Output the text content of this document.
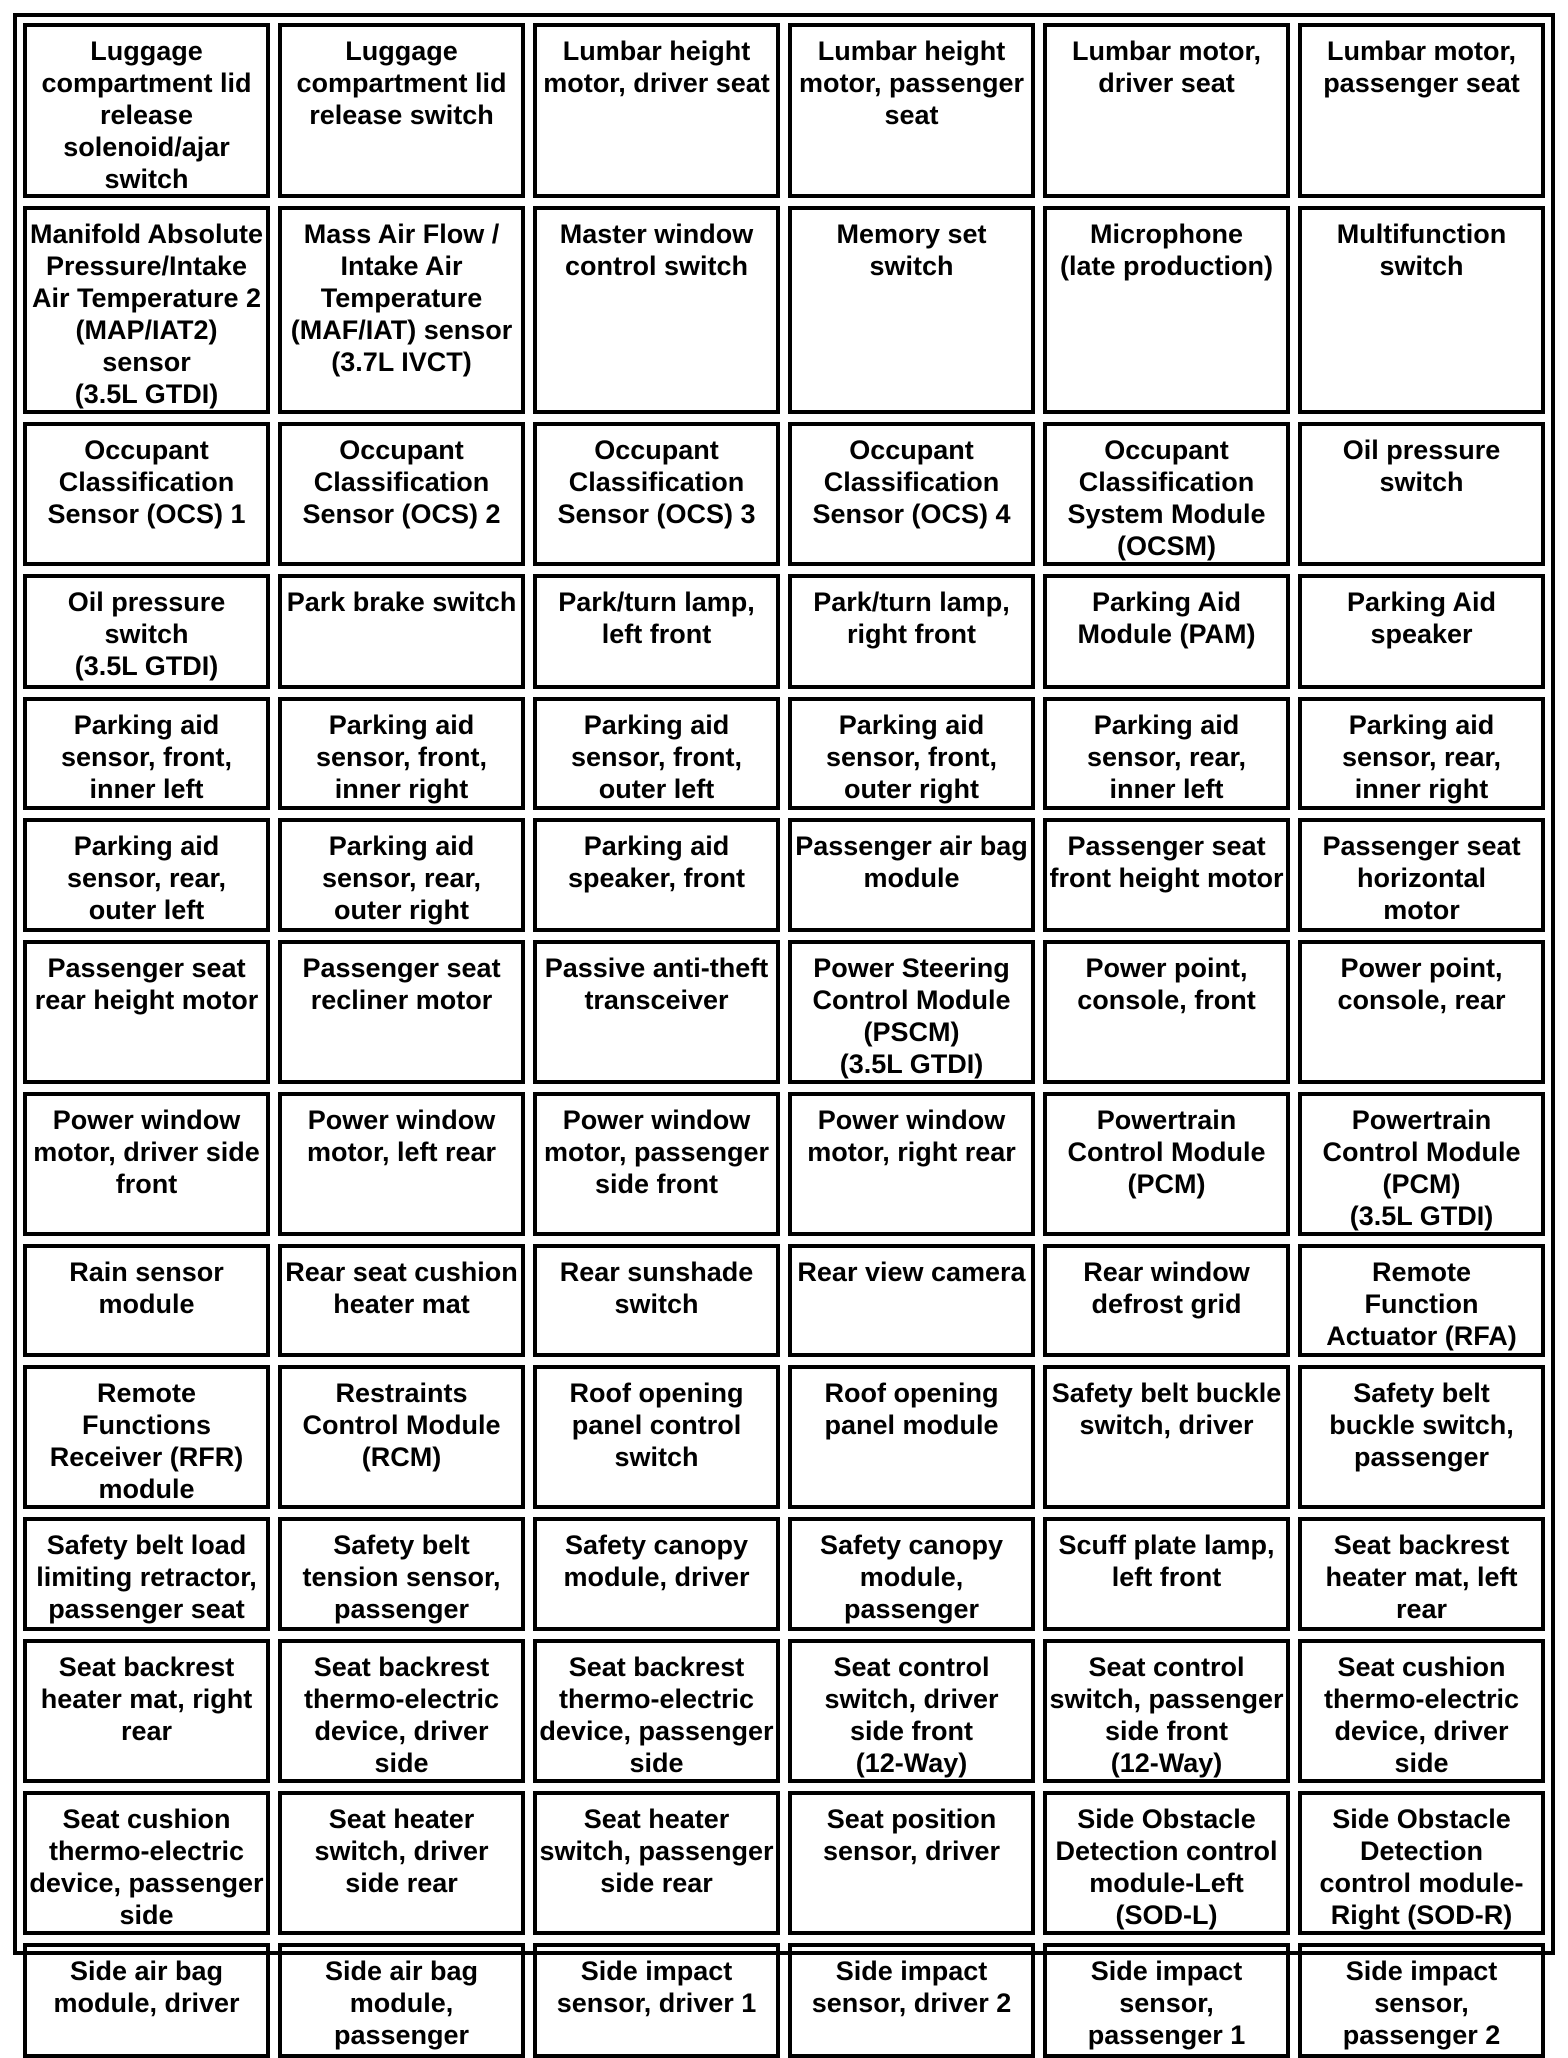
Luggage
compartment lid
release
solenoid/ajar
switch
Luggage
compartment lid
release switch
Lumbar height
motor, driver seat
Lumbar height
motor, passenger
seat
Lumbar motor,
driver seat
Lumbar motor,
passenger seat
Manifold Absolute
Pressure/Intake
Air Temperature 2
(MAP/IAT2)
sensor
(3.5L GTDI)
Mass Air Flow /
Intake Air
Temperature
(MAF/IAT) sensor
(3.7L IVCT)
Master window
control switch
Memory set
switch
Microphone
(late production)
Multifunction
switch
Occupant
Classification
Sensor (OCS) 1
Occupant
Classification
Sensor (OCS) 2
Occupant
Classification
Sensor (OCS) 3
Occupant
Classification
Sensor (OCS) 4
Occupant
Classification
System Module
(OCSM)
Oil pressure
switch
Oil pressure
switch
(3.5L GTDI)
Park brake switch	Park/turn lamp,
left front
Park/turn lamp,
right front
Parking Aid
Module (PAM)
Parking Aid
speaker
Parking aid
sensor, front,
inner left
Parking aid
sensor, front,
inner right
Parking aid
sensor, front,
outer left
Parking aid
sensor, front,
outer right
Parking aid
sensor, rear,
inner left
Parking aid
sensor, rear,
inner right
Parking aid
sensor, rear,
outer left
Parking aid
sensor, rear,
outer right
Parking aid
speaker, front
Passenger air bag
module
Passenger seat
front height motor
Passenger seat
horizontal
motor
Passenger seat
rear height motor
Passenger seat
recliner motor
Passive anti-theft
transceiver
Power Steering
Control Module
(PSCM)
(3.5L GTDI)
Power point,
console, front
Power point,
console, rear
Power window
motor, driver side
front
Power window
motor, left rear
Power window
motor, passenger
side front
Power window
motor, right rear
Powertrain
Control Module
(PCM)
Powertrain
Control Module
(PCM)
(3.5L GTDI)
Rain sensor
module
Rear seat cushion
heater mat
Rear sunshade
switch
Rear view camera	Rear window
defrost grid
Remote
Function
Actuator (RFA)
Remote
Functions
Receiver (RFR)
module
Restraints
Control Module
(RCM)
Roof opening
panel control
switch
Roof opening
panel module
Safety belt buckle
switch, driver
Safety belt
buckle switch,
passenger
Safety belt load
limiting retractor,
passenger seat
Safety belt
tension sensor,
passenger
Safety canopy
module, driver
Safety canopy
module,
passenger
Scuff plate lamp,
left front
Seat backrest
heater mat, left
rear
Seat backrest
heater mat, right
rear
Seat backrest
thermo-electric
device, driver
side
Seat backrest
thermo-electric
device, passenger
side
Seat control
switch, driver
side front
(12-Way)
Seat control
switch, passenger
side front
(12-Way)
Seat cushion
thermo-electric
device, driver
side
Seat cushion
thermo-electric
device, passenger
side
Seat heater
switch, driver
side rear
Seat heater
switch, passenger
side rear
Seat position
sensor, driver
Side Obstacle
Detection control
module-Left
(SOD-L)
Side Obstacle
Detection
control module-
Right (SOD-R)
Side air bag
module, driver
Side air bag
module,
passenger
Side impact
sensor, driver 1
Side impact
sensor, driver 2
Side impact
sensor,
passenger 1
Side impact
sensor,
passenger 2
